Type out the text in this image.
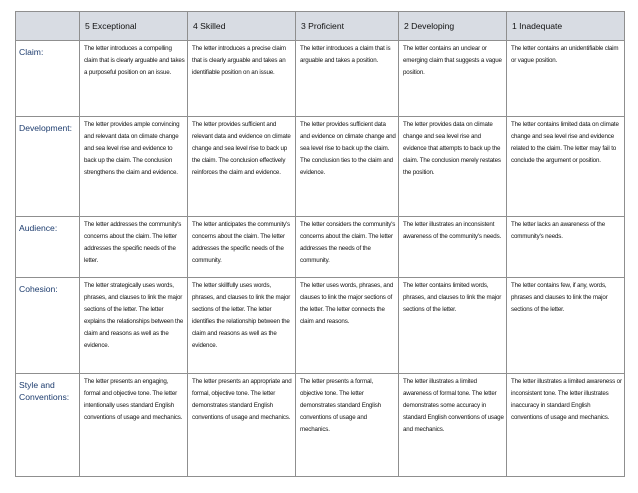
	5 Exceptional	4 Skilled	3 Proficient	2 Developing	1 Inadequate
Claim:	The letter introduces a compelling claim that is clearly arguable and takes a purposeful position on an issue.	The letter introduces a precise claim that is clearly arguable and takes an identifiable position on an issue.	The letter introduces a claim that is arguable and takes a position.	The letter contains an unclear or emerging claim that suggests a vague position.	The letter contains an unidentifiable claim or vague position.
Development:	The letter provides ample convincing and relevant data on climate change and sea level rise and evidence to back up the claim. The conclusion strengthens the claim and evidence.	The letter provides sufficient and relevant data and evidence on climate change and sea level rise to back up the claim. The conclusion effectively reinforces the claim and evidence.	The letter provides sufficient data and evidence on climate change and sea level rise to back up the claim. The conclusion ties to the claim and evidence.	The letter provides data on climate change and sea level rise and evidence that attempts to back up the claim. The conclusion merely restates the position.	The letter contains limited data on climate change and sea level rise and evidence related to the claim. The letter may fail to conclude the argument or position.
Audience:	The letter addresses the community's concerns about the claim. The letter addresses the specific needs of the letter.	The letter anticipates the community's concerns about the claim. The letter addresses the specific needs of the community.	The letter considers the community's concerns about the claim. The letter addresses the needs of the community.	The letter illustrates an inconsistent awareness of the community's needs.	The letter lacks an awareness of the community's needs.
Cohesion:	The letter strategically uses words, phrases, and clauses to link the major sections of the letter. The letter explains the relationships between the claim and reasons as well as the evidence.	The letter skillfully uses words, phrases, and clauses to link the major sections of the letter. The letter identifies the relationship between the claim and reasons as well as the evidence.	The letter uses words, phrases, and clauses to link the major sections of the letter. The letter connects the claim and reasons.	The letter contains limited words, phrases, and clauses to link the major sections of the letter.	The letter contains few, if any, words, phrases and clauses to link the major sections of the letter.

Style and Conventions:	The letter presents an engaging, formal and objective tone. The letter intentionally uses standard English conventions of usage and mechanics.	The letter presents an appropriate and formal, objective tone. The letter demonstrates standard English conventions of usage and mechanics.	The letter presents a formal, objective tone. The letter demonstrates standard English conventions of usage and mechanics.	The letter illustrates a limited awareness of formal tone. The letter demonstrates some accuracy in standard English conventions of usage and mechanics.	The letter illustrates a limited awareness or inconsistent tone. The letter illustrates inaccuracy in standard English conventions of usage and mechanics.
